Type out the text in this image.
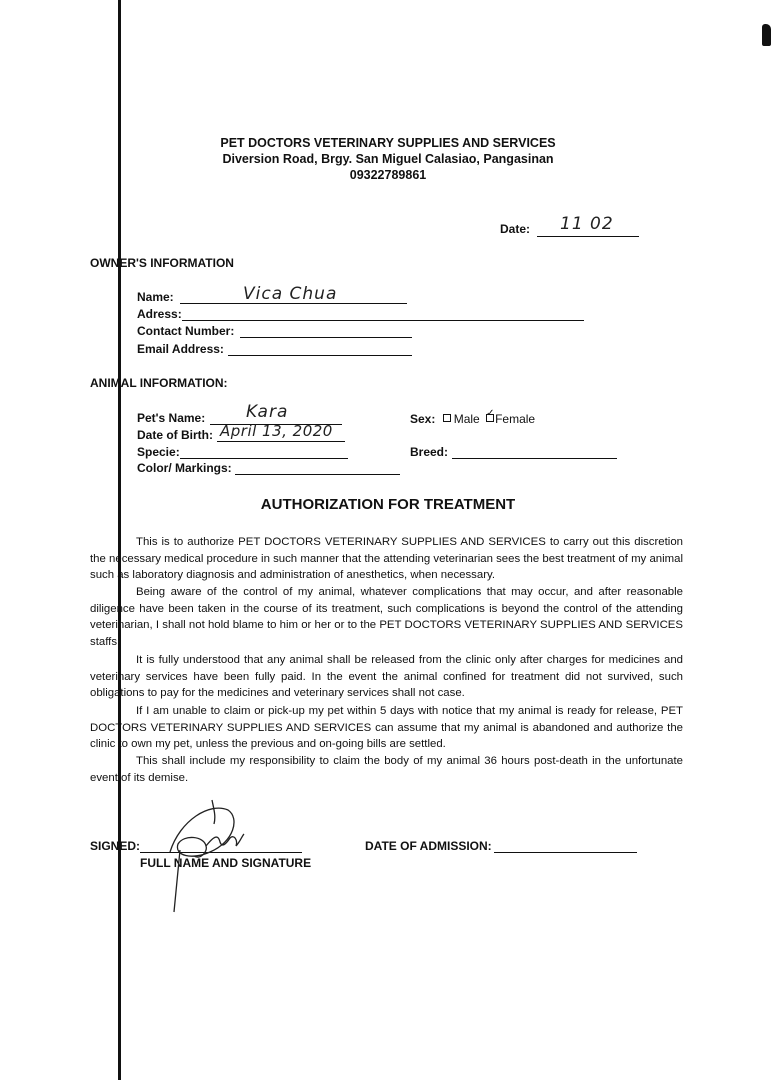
PET DOCTORS VETERINARY SUPPLIES AND SERVICES
Diversion Road, Brgy. San Miguel Calasiao, Pangasinan
09322789861
Date: 11 02
OWNER'S INFORMATION
Name:	Vica Chua
Adress:
Contact Number:
Email Address:
ANIMAL INFORMATION:
Pet's Name: Kara
Date of Birth: April 13, 2020
Specie:
Color/ Markings:
Sex: Male ✓ Female
Breed:
AUTHORIZATION FOR TREATMENT
This is to authorize PET DOCTORS VETERINARY SUPPLIES AND SERVICES to carry out this discretion the necessary medical procedure in such manner that the attending veterinarian sees the best treatment of my animal such as laboratory diagnosis and administration of anesthetics, when necessary.
Being aware of the control of my animal, whatever complications that may occur, and after reasonable diligence have been taken in the course of its treatment, such complications is beyond the control of the attending veterinarian, I shall not hold blame to him or her or to the PET DOCTORS VETERINARY SUPPLIES AND SERVICES staffs.
It is fully understood that any animal shall be released from the clinic only after charges for medicines and veterinary services have been fully paid. In the event the animal confined for treatment did not survived, such obligations to pay for the medicines and veterinary services shall not case.
If I am unable to claim or pick-up my pet within 5 days with notice that my animal is ready for release, PET DOCTORS VETERINARY SUPPLIES AND SERVICES can assume that my animal is abandoned and authorize the clinic to own my pet, unless the previous and on-going bills are settled.
This shall include my responsibility to claim the body of my animal 36 hours post-death in the unfortunate event of its demise.
SIGNED:
FULL NAME AND SIGNATURE
DATE OF ADMISSION:
